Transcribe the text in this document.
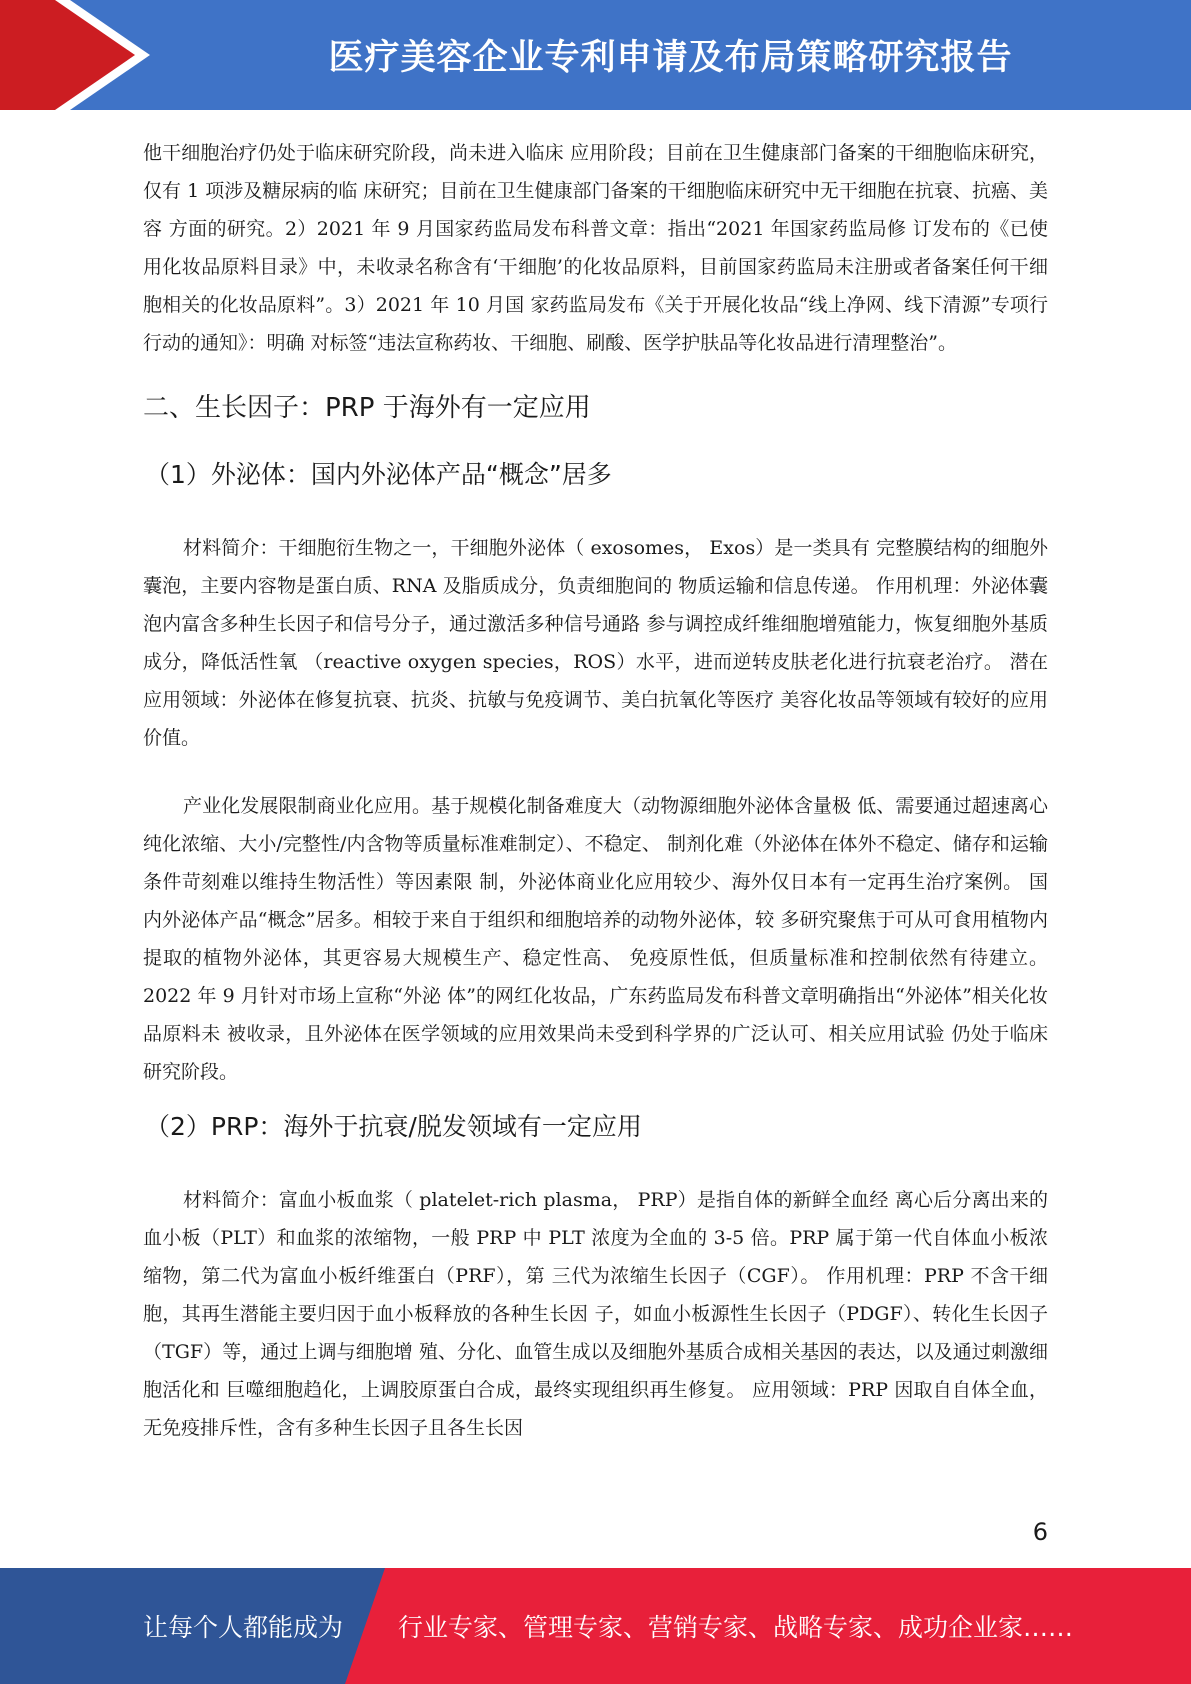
医疗美容企业专利申请及布局策略研究报告

他干细胞治疗仍处于临床研究阶段，尚未进入临床 应用阶段；目前在卫生健康部门备案的干细胞临床研究，仅有 1 项涉及糖尿病的临 床研究；目前在卫生健康部门备案的干细胞临床研究中无干细胞在抗衰、抗癌、美容 方面的研究。2）2021 年 9 月国家药监局发布科普文章：指出“2021 年国家药监局修 订发布的《已使用化妆品原料目录》中，未收录名称含有‘干细胞’的化妆品原料，目前国家药监局未注册或者备案任何干细胞相关的化妆品原料”。3）2021 年 10 月国 家药监局发布《关于开展化妆品“线上净网、线下清源”专项行行动的通知》：明确 对标签“违法宣称药妆、干细胞、刷酸、医学护肤品等化妆品进行清理整治”。

二、生长因子：PRP 于海外有一定应用
（1）外泌体：国内外泌体产品“概念”居多

材料简介：干细胞衍生物之一，干细胞外泌体（ exosomes， Exos）是一类具有 完整膜结构的细胞外囊泡，主要内容物是蛋白质、RNA 及脂质成分，负责细胞间的 物质运输和信息传递。 作用机理：外泌体囊泡内富含多种生长因子和信号分子，通过激活多种信号通路 参与调控成纤维细胞增殖能力，恢复细胞外基质成分，降低活性氧 （reactive oxygen species，ROS）水平，进而逆转皮肤老化进行抗衰老治疗。 潜在应用领域：外泌体在修复抗衰、抗炎、抗敏与免疫调节、美白抗氧化等医疗 美容化妆品等领域有较好的应用价值。

产业化发展限制商业化应用。基于规模化制备难度大（动物源细胞外泌体含量极 低、需要通过超速离心纯化浓缩、大小/完整性/内含物等质量标准难制定）、不稳定、 制剂化难（外泌体在体外不稳定、储存和运输条件苛刻难以维持生物活性）等因素限 制，外泌体商业化应用较少、海外仅日本有一定再生治疗案例。 国内外泌体产品“概念”居多。相较于来自于组织和细胞培养的动物外泌体，较 多研究聚焦于可从可食用植物内提取的植物外泌体，其更容易大规模生产、稳定性高、 免疫原性低，但质量标准和控制依然有待建立。2022 年 9 月针对市场上宣称“外泌 体”的网红化妆品，广东药监局发布科普文章明确指出“外泌体”相关化妆品原料未 被收录，且外泌体在医学领域的应用效果尚未受到科学界的广泛认可、相关应用试验 仍处于临床研究阶段。

（2）PRP：海外于抗衰/脱发领域有一定应用

材料简介：富血小板血浆（ platelet-rich plasma， PRP）是指自体的新鲜全血经 离心后分离出来的血小板（PLT）和血浆的浓缩物，一般 PRP 中 PLT 浓度为全血的 3-5 倍。PRP 属于第一代自体血小板浓缩物，第二代为富血小板纤维蛋白（PRF），第 三代为浓缩生长因子（CGF）。 作用机理：PRP 不含干细胞，其再生潜能主要归因于血小板释放的各种生长因 子，如血小板源性生长因子（PDGF）、转化生长因子（TGF）等，通过上调与细胞增 殖、分化、血管生成以及细胞外基质合成相关基因的表达，以及通过刺激细胞活化和 巨噬细胞趋化，上调胶原蛋白合成，最终实现组织再生修复。 应用领域：PRP 因取自自体全血，无免疫排斥性，含有多种生长因子且各生长因

6
让每个人都能成为 行业专家、管理专家、营销专家、战略专家、成功企业家……
